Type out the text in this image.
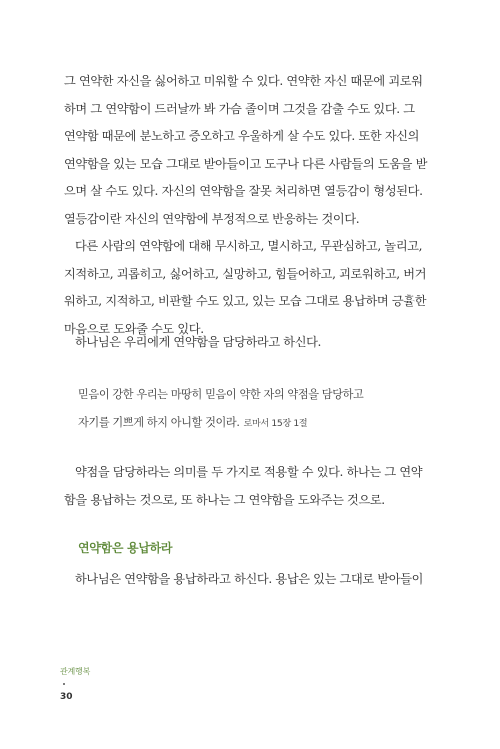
그 연약한 자신을 싫어하고 미워할 수 있다. 연약한 자신 때문에 괴로워
하며 그 연약함이 드러날까 봐 가슴 졸이며 그것을 감출 수도 있다. 그
연약함 때문에 분노하고 증오하고 우울하게 살 수도 있다. 또한 자신의
연약함을 있는 모습 그대로 받아들이고 도구나 다른 사람들의 도움을 받
으며 살 수도 있다. 자신의 연약함을 잘못 처리하면 열등감이 형성된다.
열등감이란 자신의 연약함에 부정적으로 반응하는 것이다.
다른 사람의 연약함에 대해 무시하고, 멸시하고, 무관심하고, 놀리고,
지적하고, 괴롭히고, 싫어하고, 실망하고, 힘들어하고, 괴로워하고, 버거
워하고, 지적하고, 비판할 수도 있고, 있는 모습 그대로 용납하며 긍휼한
마음으로 도와줄 수도 있다.
하나님은 우리에게 연약함을 담당하라고 하신다.
믿음이 강한 우리는 마땅히 믿음이 약한 자의 약점을 담당하고
자기를 기쁘게 하지 아니할 것이라. 로마서 15장 1절
약점을 담당하라는 의미를 두 가지로 적용할 수 있다. 하나는 그 연약
함을 용납하는 것으로, 또 하나는 그 연약함을 도와주는 것으로.
연약함은 용납하라
하나님은 연약함을 용납하라고 하신다. 용납은 있는 그대로 받아들이
관계행복
30
